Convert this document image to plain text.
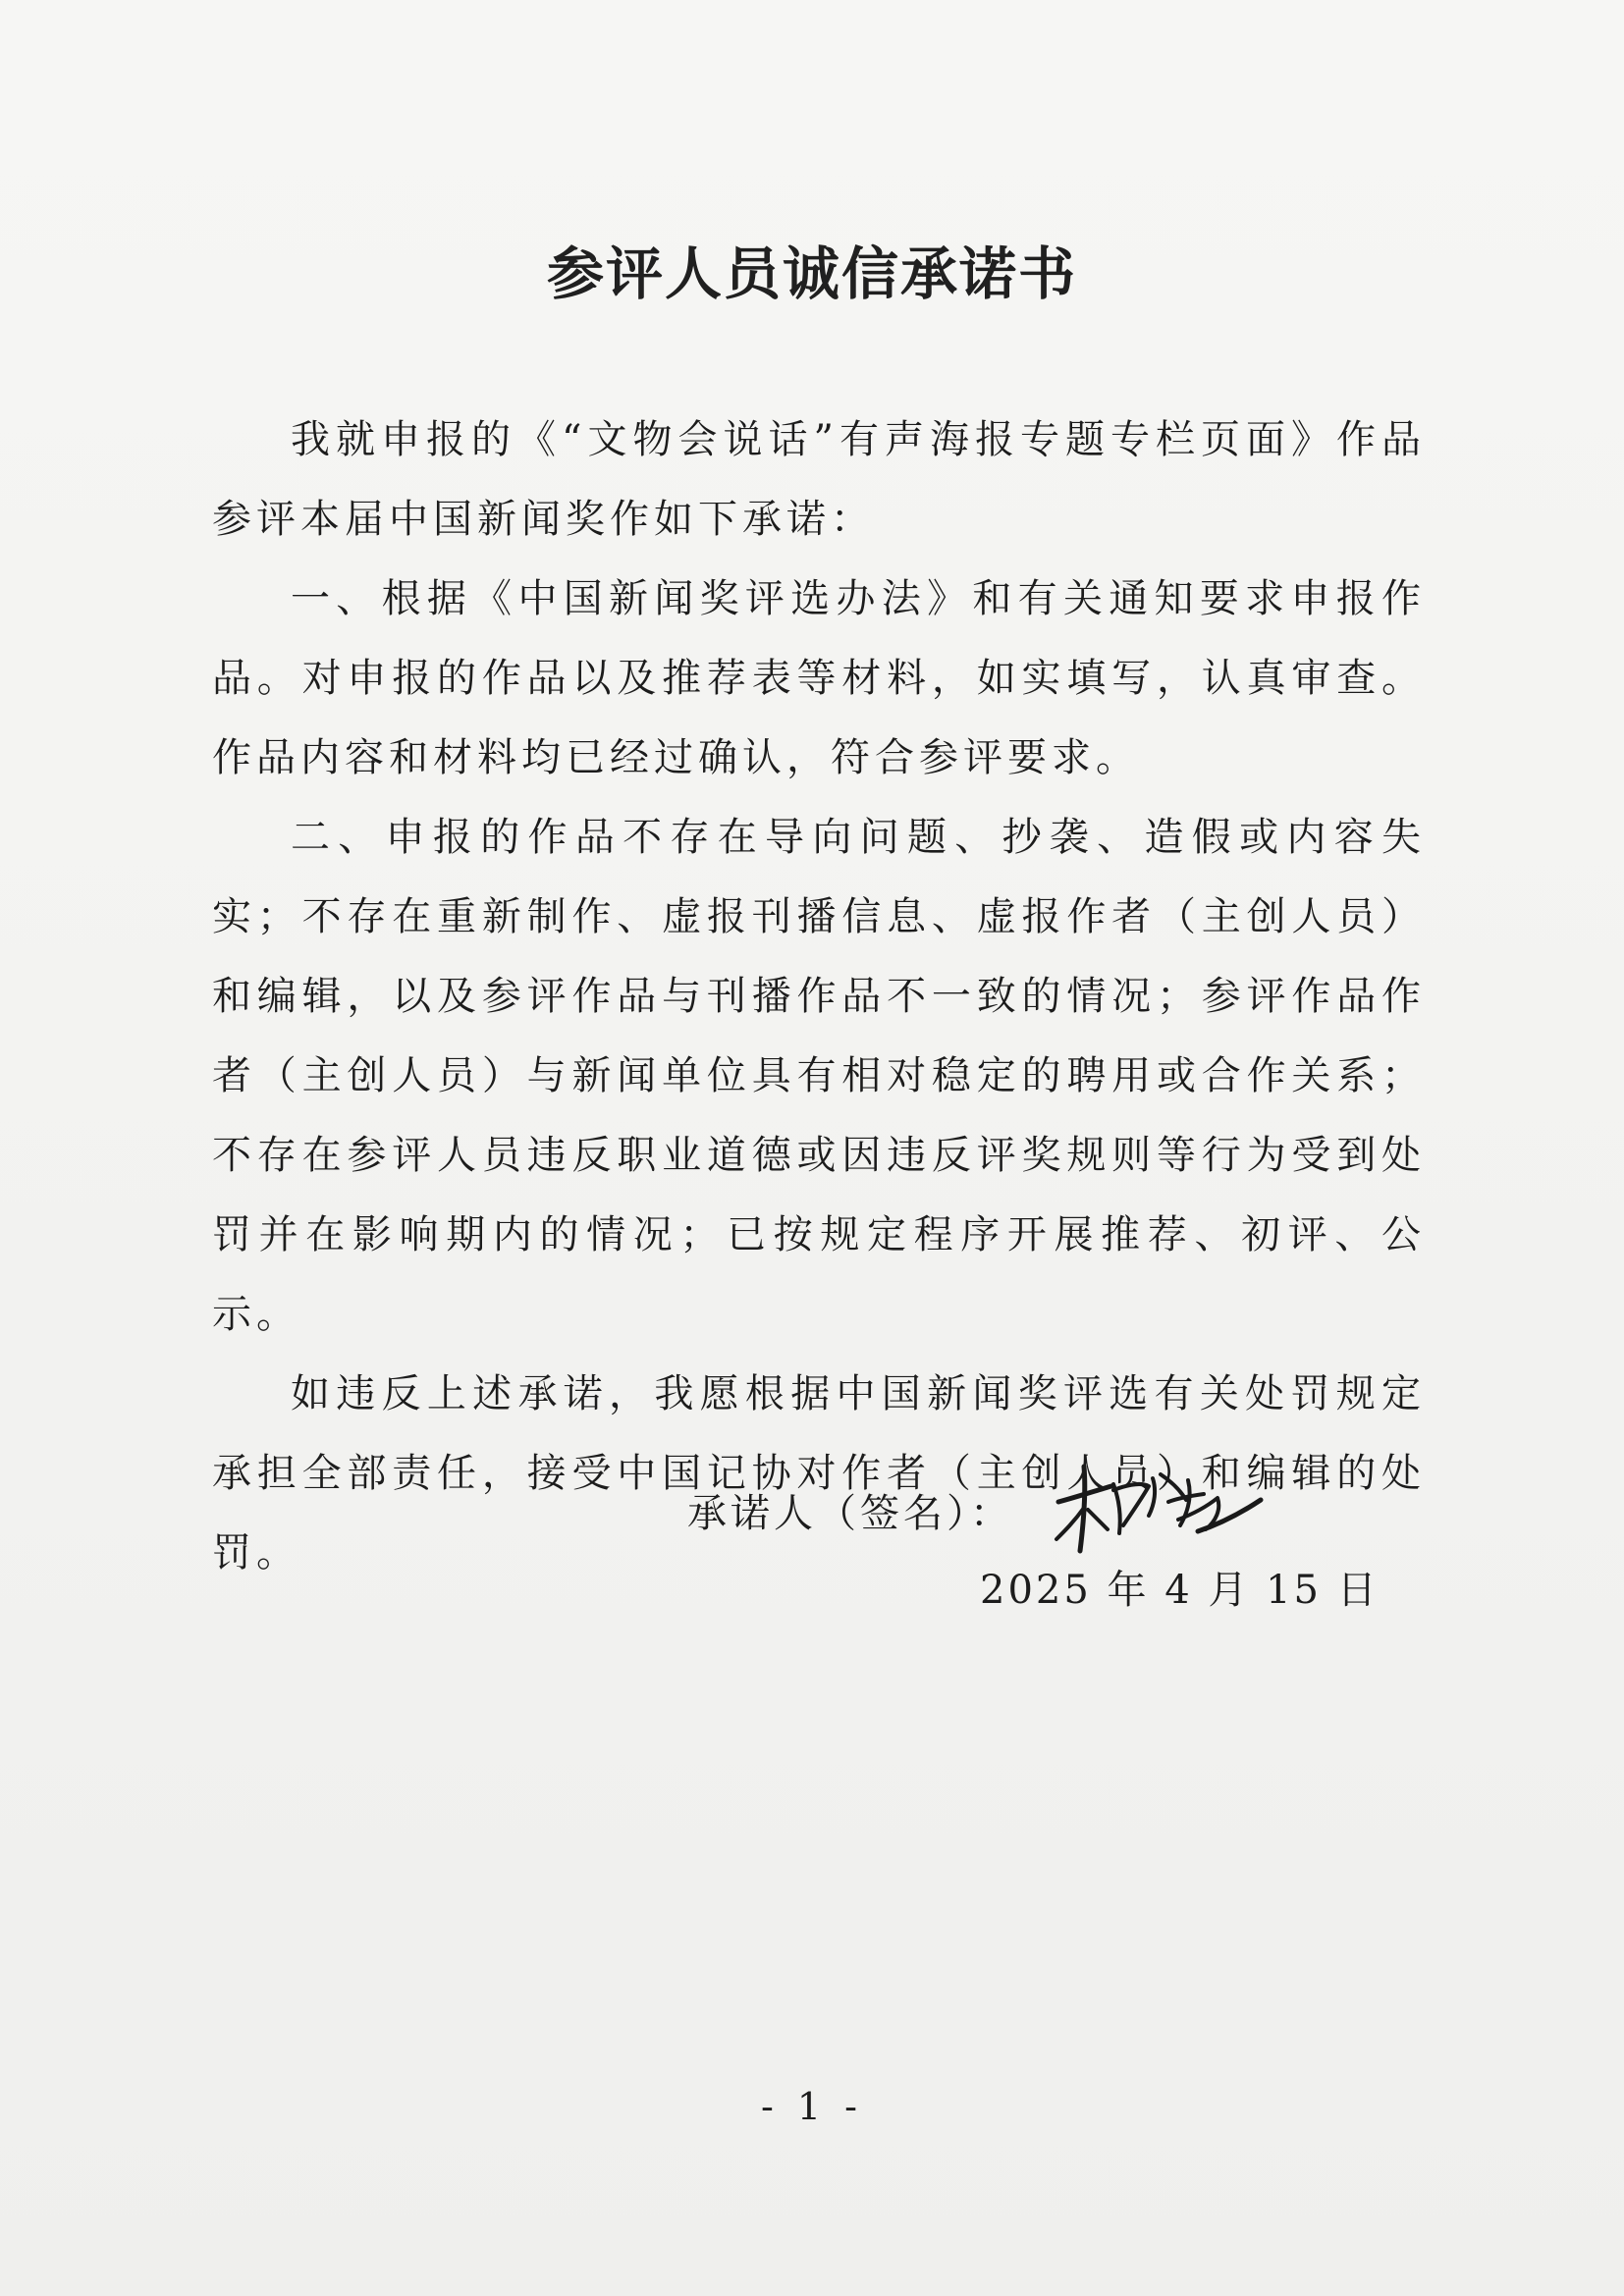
参评人员诚信承诺书

我就申报的《“文物会说话”有声海报专题专栏页面》作品参评本届中国新闻奖作如下承诺：

一、根据《中国新闻奖评选办法》和有关通知要求申报作品。对申报的作品以及推荐表等材料，如实填写，认真审查。作品内容和材料均已经过确认，符合参评要求。

二、申报的作品不存在导向问题、抄袭、造假或内容失实；不存在重新制作、虚报刊播信息、虚报作者（主创人员）和编辑，以及参评作品与刊播作品不一致的情况；参评作品作者（主创人员）与新闻单位具有相对稳定的聘用或合作关系；不存在参评人员违反职业道德或因违反评奖规则等行为受到处罚并在影响期内的情况；已按规定程序开展推荐、初评、公示。

如违反上述承诺，我愿根据中国新闻奖评选有关处罚规定承担全部责任，接受中国记协对作者（主创人员）和编辑的处罚。

承诺人（签名）：
2025 年 4 月 15 日
- 1 -
